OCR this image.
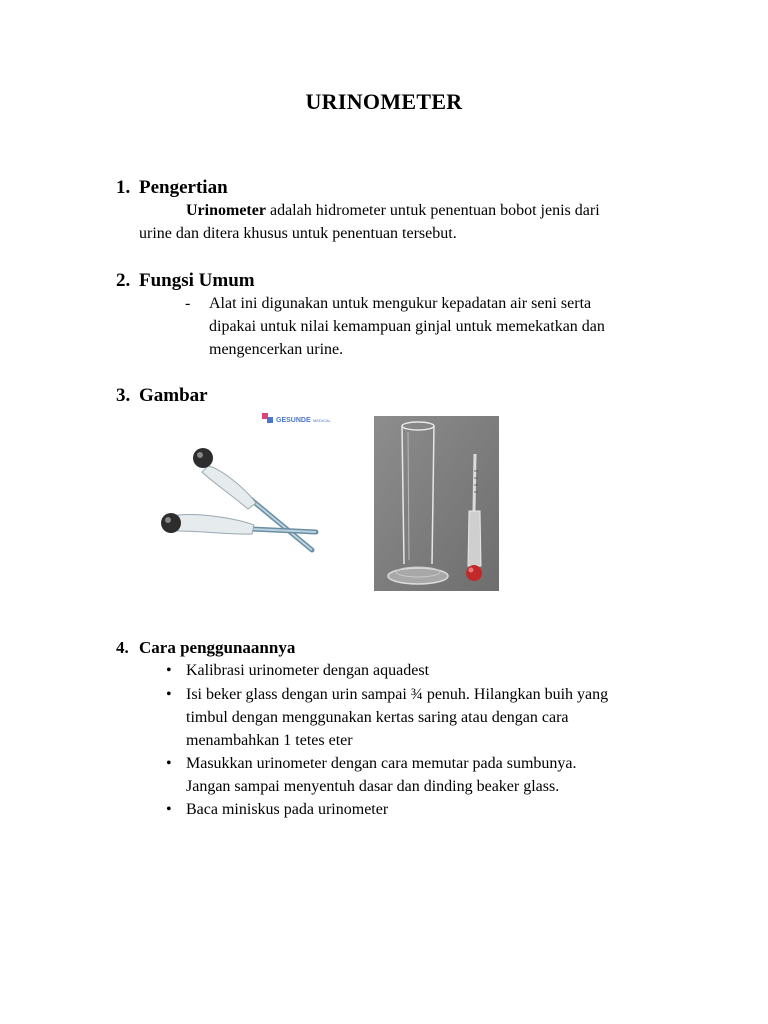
URINOMETER
1. Pengertian
Urinometer adalah hidrometer untuk penentuan bobot jenis dari
urine dan ditera khusus untuk penentuan tersebut.
2. Fungsi Umum
- Alat ini digunakan untuk mengukur kepadatan air seni serta
dipakai untuk nilai kemampuan ginjal untuk memekatkan dan
mengencerkan urine.
3. Gambar
GESUNDE MEDICAL
4. Cara penggunaannya
• Kalibrasi urinometer dengan aquadest
• Isi beker glass dengan urin sampai ¾ penuh. Hilangkan buih yang
timbul dengan menggunakan kertas saring atau dengan cara
menambahkan 1 tetes eter
• Masukkan urinometer dengan cara memutar pada sumbunya.
Jangan sampai menyentuh dasar dan dinding beaker glass.
• Baca miniskus pada urinometer
